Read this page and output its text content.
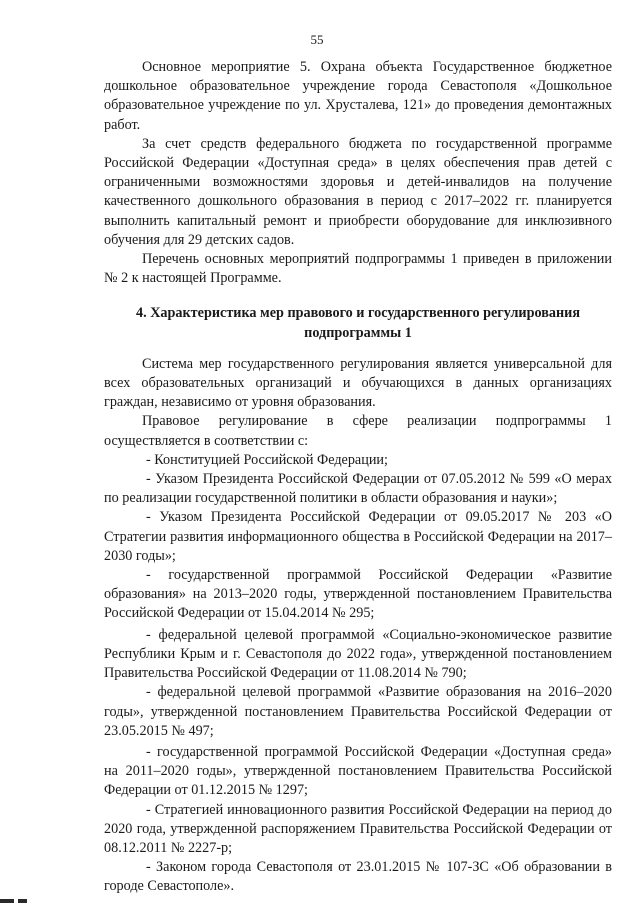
55

Основное мероприятие 5. Охрана объекта Государственное бюджетное дошкольное образовательное учреждение города Севастополя «Дошкольное образовательное учреждение по ул. Хрусталева, 121» до проведения демонтажных работ.

За счет средств федерального бюджета по государственной программе Российской Федерации «Доступная среда» в целях обеспечения прав детей с ограниченными возможностями здоровья и детей-инвалидов на получение качественного дошкольного образования в период с 2017–2022 гг. планируется выполнить капитальный ремонт и приобрести оборудование для инклюзивного обучения для 29 детских садов.

Перечень основных мероприятий подпрограммы 1 приведен в приложении № 2 к настоящей Программе.

4. Характеристика мер правового и государственного регулирования подпрограммы 1

Система мер государственного регулирования является универсальной для всех образовательных организаций и обучающихся в данных организациях граждан, независимо от уровня образования.

Правовое регулирование в сфере реализации подпрограммы 1 осуществляется в соответствии с:

- Конституцией Российской Федерации;

- Указом Президента Российской Федерации от 07.05.2012 № 599 «О мерах по реализации государственной политики в области образования и науки»;

- Указом Президента Российской Федерации от 09.05.2017 № 203 «О Стратегии развития информационного общества в Российской Федерации на 2017–2030 годы»;

- государственной программой Российской Федерации «Развитие образования» на 2013–2020 годы, утвержденной постановлением Правительства Российской Федерации от 15.04.2014 № 295;

- федеральной целевой программой «Социально-экономическое развитие Республики Крым и г. Севастополя до 2022 года», утвержденной постановлением Правительства Российской Федерации от 11.08.2014 № 790;

- федеральной целевой программой «Развитие образования на 2016–2020 годы», утвержденной постановлением Правительства Российской Федерации от 23.05.2015 № 497;

- государственной программой Российской Федерации «Доступная среда» на 2011–2020 годы», утвержденной постановлением Правительства Российской Федерации от 01.12.2015 № 1297;

- Стратегией инновационного развития Российской Федерации на период до 2020 года, утвержденной распоряжением Правительства Российской Федерации от 08.12.2011 № 2227-р;

- Законом города Севастополя от 23.01.2015 № 107-ЗС «Об образовании в городе Севастополе».
